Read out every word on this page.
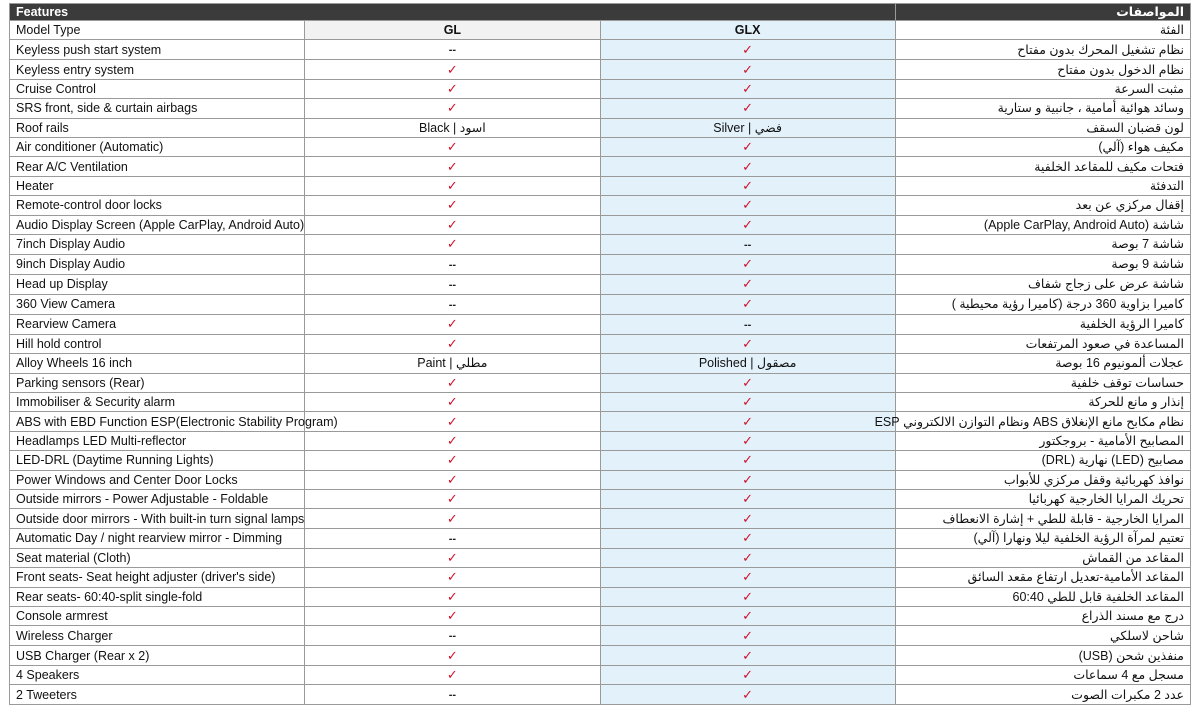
Features			المواصفات
Model Type	GL	GLX	الفئة
Keyless push start system	--	✓	نظام تشغيل المحرك بدون مفتاح
Keyless entry system	✓	✓	نظام الدخول بدون مفتاح
Cruise Control	✓	✓	مثبت السرعة
SRS front, side & curtain airbags	✓	✓	وسائد هوائية أمامية ، جانبية و ستارية
Roof rails	Black | اسود	Silver | فضي	لون قضبان السقف
Air conditioner (Automatic)	✓	✓	مكيف هواء (آلي)
Rear A/C Ventilation	✓	✓	فتحات مكيف للمقاعد الخلفية
Heater	✓	✓	التدفئة
Remote-control door locks	✓	✓	إقفال مركزي عن بعد
Audio Display Screen (Apple CarPlay, Android Auto)	✓	✓	شاشة (Apple CarPlay, Android Auto)
7inch Display Audio	✓	--	شاشة 7 بوصة
9inch Display Audio	--	✓	شاشة 9 بوصة
Head up Display	--	✓	شاشة عرض على زجاج شفاف
360 View Camera	--	✓	كاميرا بزاوية 360 درجة (كاميرا رؤية محيطية )
Rearview Camera	✓	--	كاميرا الرؤية الخلفية
Hill hold control	✓	✓	المساعدة في صعود المرتفعات
Alloy Wheels 16 inch	Paint | مطلي	Polished | مصقول	عجلات ألمونيوم 16 بوصة
Parking sensors (Rear)	✓	✓	حساسات توقف خلفية
Immobiliser & Security alarm	✓	✓	إنذار و مانع للحركة
ABS with EBD Function ESP(Electronic Stability Program)	✓	✓	نظام مكابح مانع الإنغلاق ABS ونظام التوازن الالكتروني ESP
Headlamps LED Multi-reflector	✓	✓	المصابيح الأمامية - بروجكتور
LED-DRL (Daytime Running Lights)	✓	✓	مصابيح (LED) نهارية (DRL)
Power Windows and Center Door Locks	✓	✓	نوافذ كهربائية وقفل مركزي للأبواب
Outside mirrors - Power Adjustable - Foldable	✓	✓	تحريك المرايا الخارجية كهربائيا
Outside door mirrors - With built-in turn signal lamps	✓	✓	المرايا الخارجية - قابلة للطي + إشارة الانعطاف
Automatic Day / night rearview mirror - Dimming	--	✓	تعتيم لمرآة الرؤية الخلفية ليلا ونهارا (آلي)
Seat material (Cloth)	✓	✓	المقاعد من القماش
Front seats- Seat height adjuster (driver's side)	✓	✓	المقاعد الأمامية-تعديل ارتفاع مقعد السائق
Rear seats- 60:40-split single-fold	✓	✓	المقاعد الخلفية قابل للطي 60:40
Console armrest	✓	✓	درج مع مسند الذراع
Wireless Charger	--	✓	شاحن لاسلكي
USB Charger (Rear x 2)	✓	✓	منفذين شحن (USB)
4 Speakers	✓	✓	مسجل مع 4 سماعات
2 Tweeters	--	✓	عدد 2 مكبرات الصوت
